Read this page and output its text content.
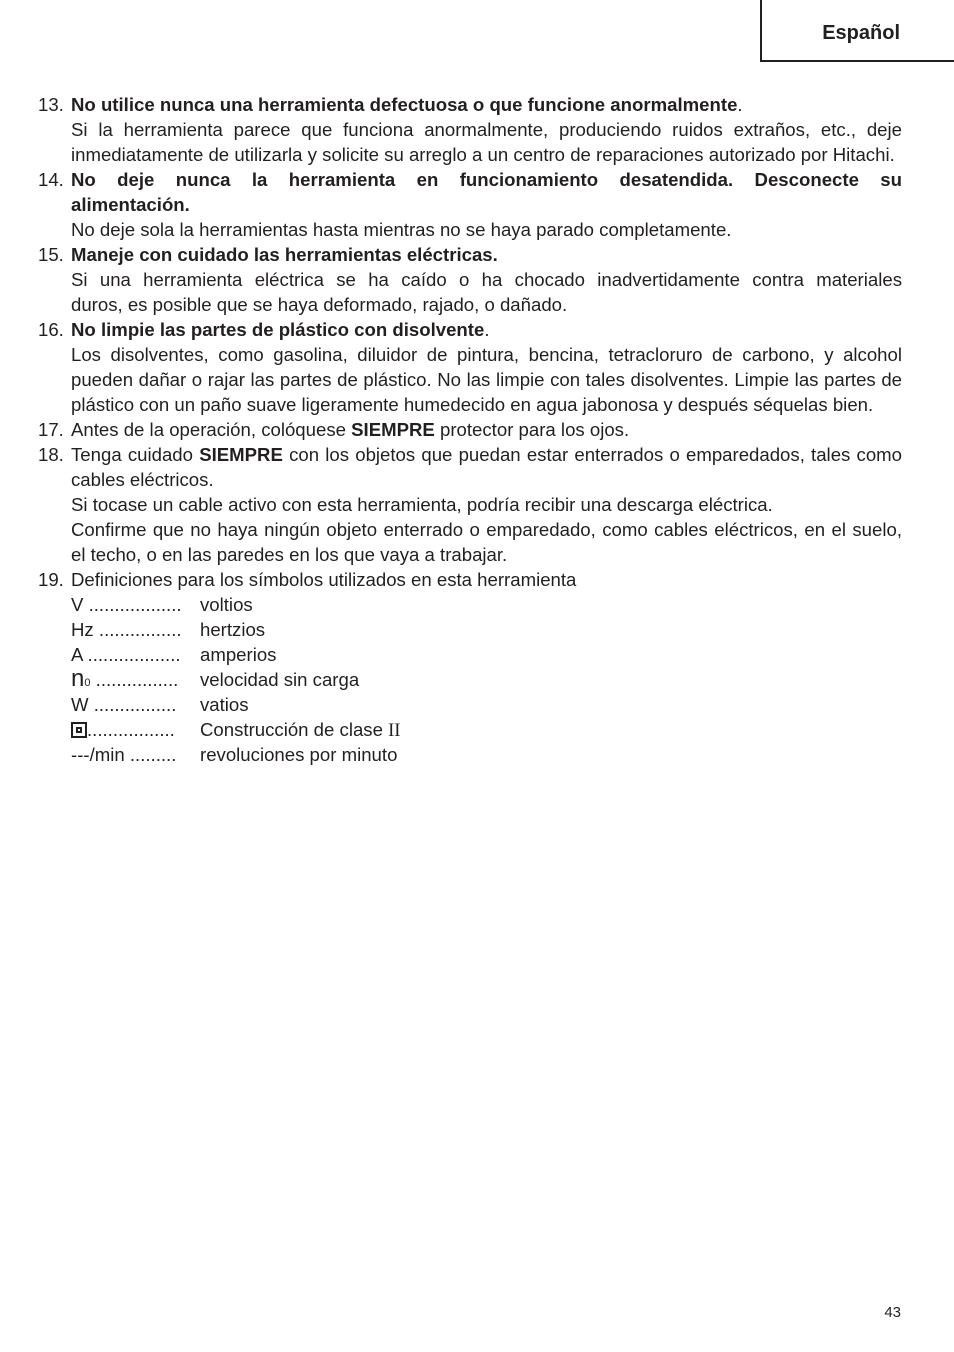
Español
13. No utilice nunca una herramienta defectuosa o que funcione anormalmente.
Si la herramienta parece que funciona anormalmente, produciendo ruidos extraños, etc., deje inmediatamente de utilizarla y solicite su arreglo a un centro de reparaciones autorizado por Hitachi.
14. No deje nunca la herramienta en funcionamiento desatendida. Desconecte su
alimentación.
No deje sola la herramientas hasta mientras no se haya parado completamente.
15. Maneje con cuidado las herramientas eléctricas.
Si una herramienta eléctrica se ha caído o ha chocado inadvertidamente contra materiales
duros, es posible que se haya deformado, rajado, o dañado.
16. No limpie las partes de plástico con disolvente.
Los disolventes, como gasolina, diluidor de pintura, bencina, tetracloruro de carbono, y alcohol pueden dañar o rajar las partes de plástico. No las limpie con tales disolventes. Limpie las partes de plástico con un paño suave ligeramente humedecido en agua jabonosa y después séquelas bien.
17. Antes de la operación, colóquese SIEMPRE protector para los ojos.
18. Tenga cuidado SIEMPRE con los objetos que puedan estar enterrados o emparedados, tales como cables eléctricos.
Si tocase un cable activo con esta herramienta, podría recibir una descarga eléctrica.
Confirme que no haya ningún objeto enterrado o emparedado, como cables eléctricos, en el suelo, el techo, o en las paredes en los que vaya a trabajar.
19. Definiciones para los símbolos utilizados en esta herramienta
V .................. voltios
Hz ................ hertzios
A .................. amperios
n0 ................ velocidad sin carga
W ................ vatios
................. Construcción de clase II
---/min ......... revoluciones por minuto
43
